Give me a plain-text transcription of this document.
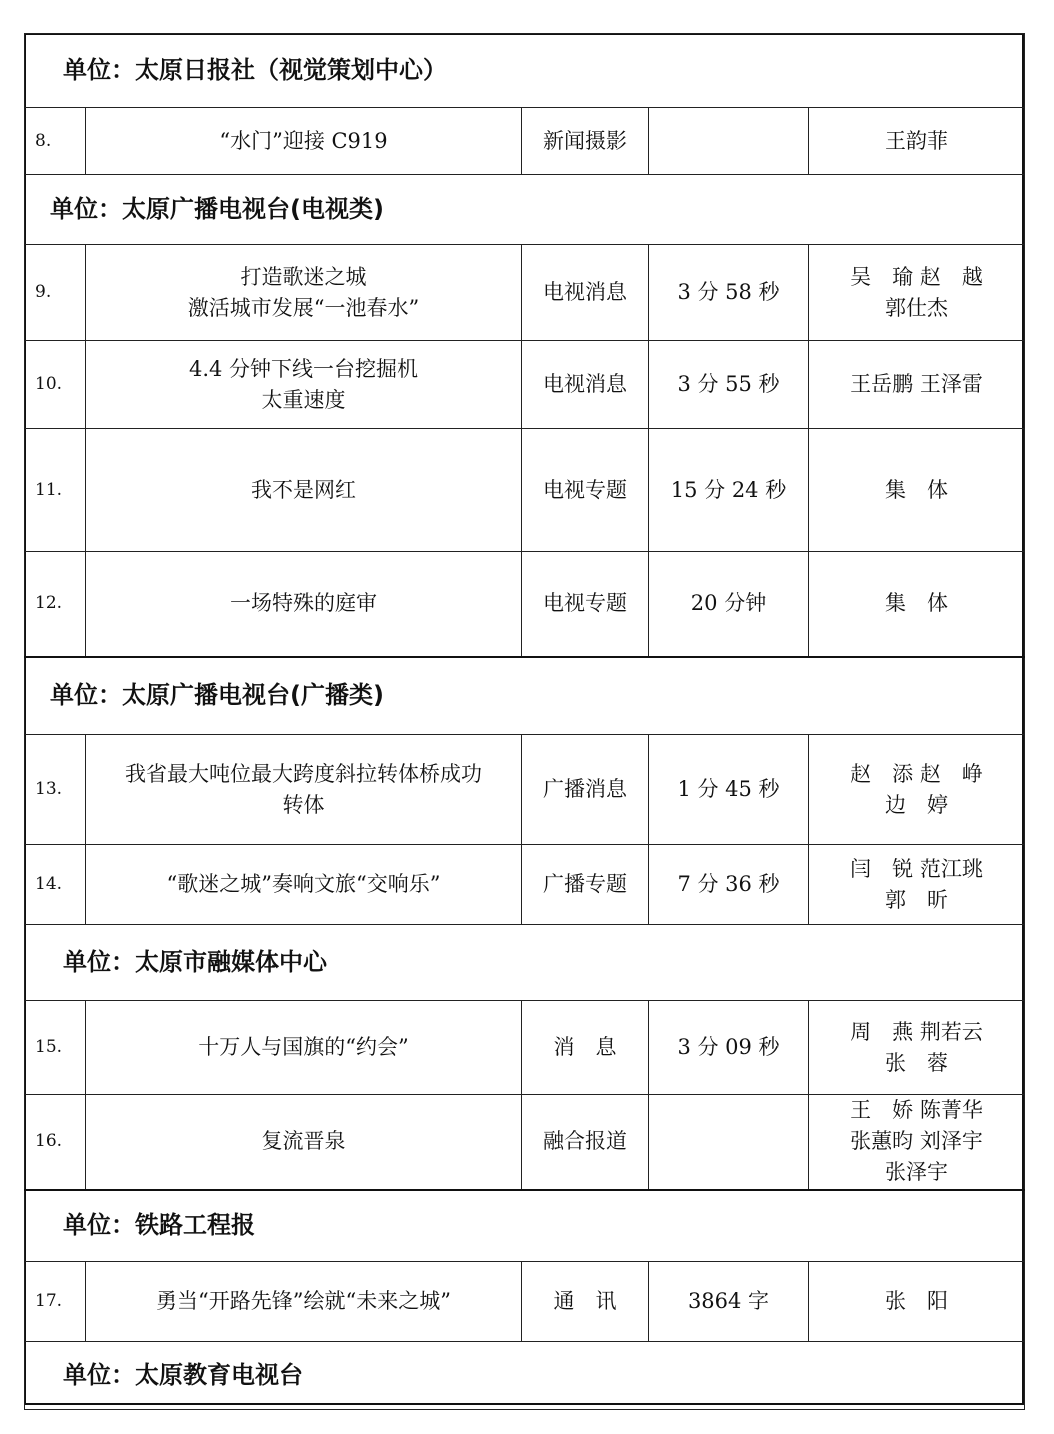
单位：太原日报社（视觉策划中心）				
8.	“水门”迎接 C919	新闻摄影		王韵菲

单位：太原广播电视台(电视类)				
9.	打造歌迷之城
激活城市发展“一池春水”	电视消息	3 分 58 秒	吴　瑜 赵　越
郭仕杰

10.	4.4 分钟下线一台挖掘机
太重速度	电视消息	3 分 55 秒	王岳鹏 王泽雷

11.	我不是网红	电视专题	15 分 24 秒	集　体

12.	一场特殊的庭审	电视专题	20 分钟	集　体

单位：太原广播电视台(广播类)				
13.	我省最大吨位最大跨度斜拉转体桥成功
转体	广播消息	1 分 45 秒	赵　添 赵　峥
边　婷

14.	“歌迷之城”奏响文旅“交响乐”	广播专题	7 分 36 秒	闫　锐 范江珧
郭　昕

单位：太原市融媒体中心				
15.	十万人与国旗的“约会”	消　息	3 分 09 秒	周　燕 荆若云
张　蓉

16.	复流晋泉	融合报道		王　娇 陈菁华
张蕙昀 刘泽宇
张泽宇

单位：铁路工程报				
17.	勇当“开路先锋”绘就“未来之城”	通　讯	3864 字	张　阳

单位：太原教育电视台				
